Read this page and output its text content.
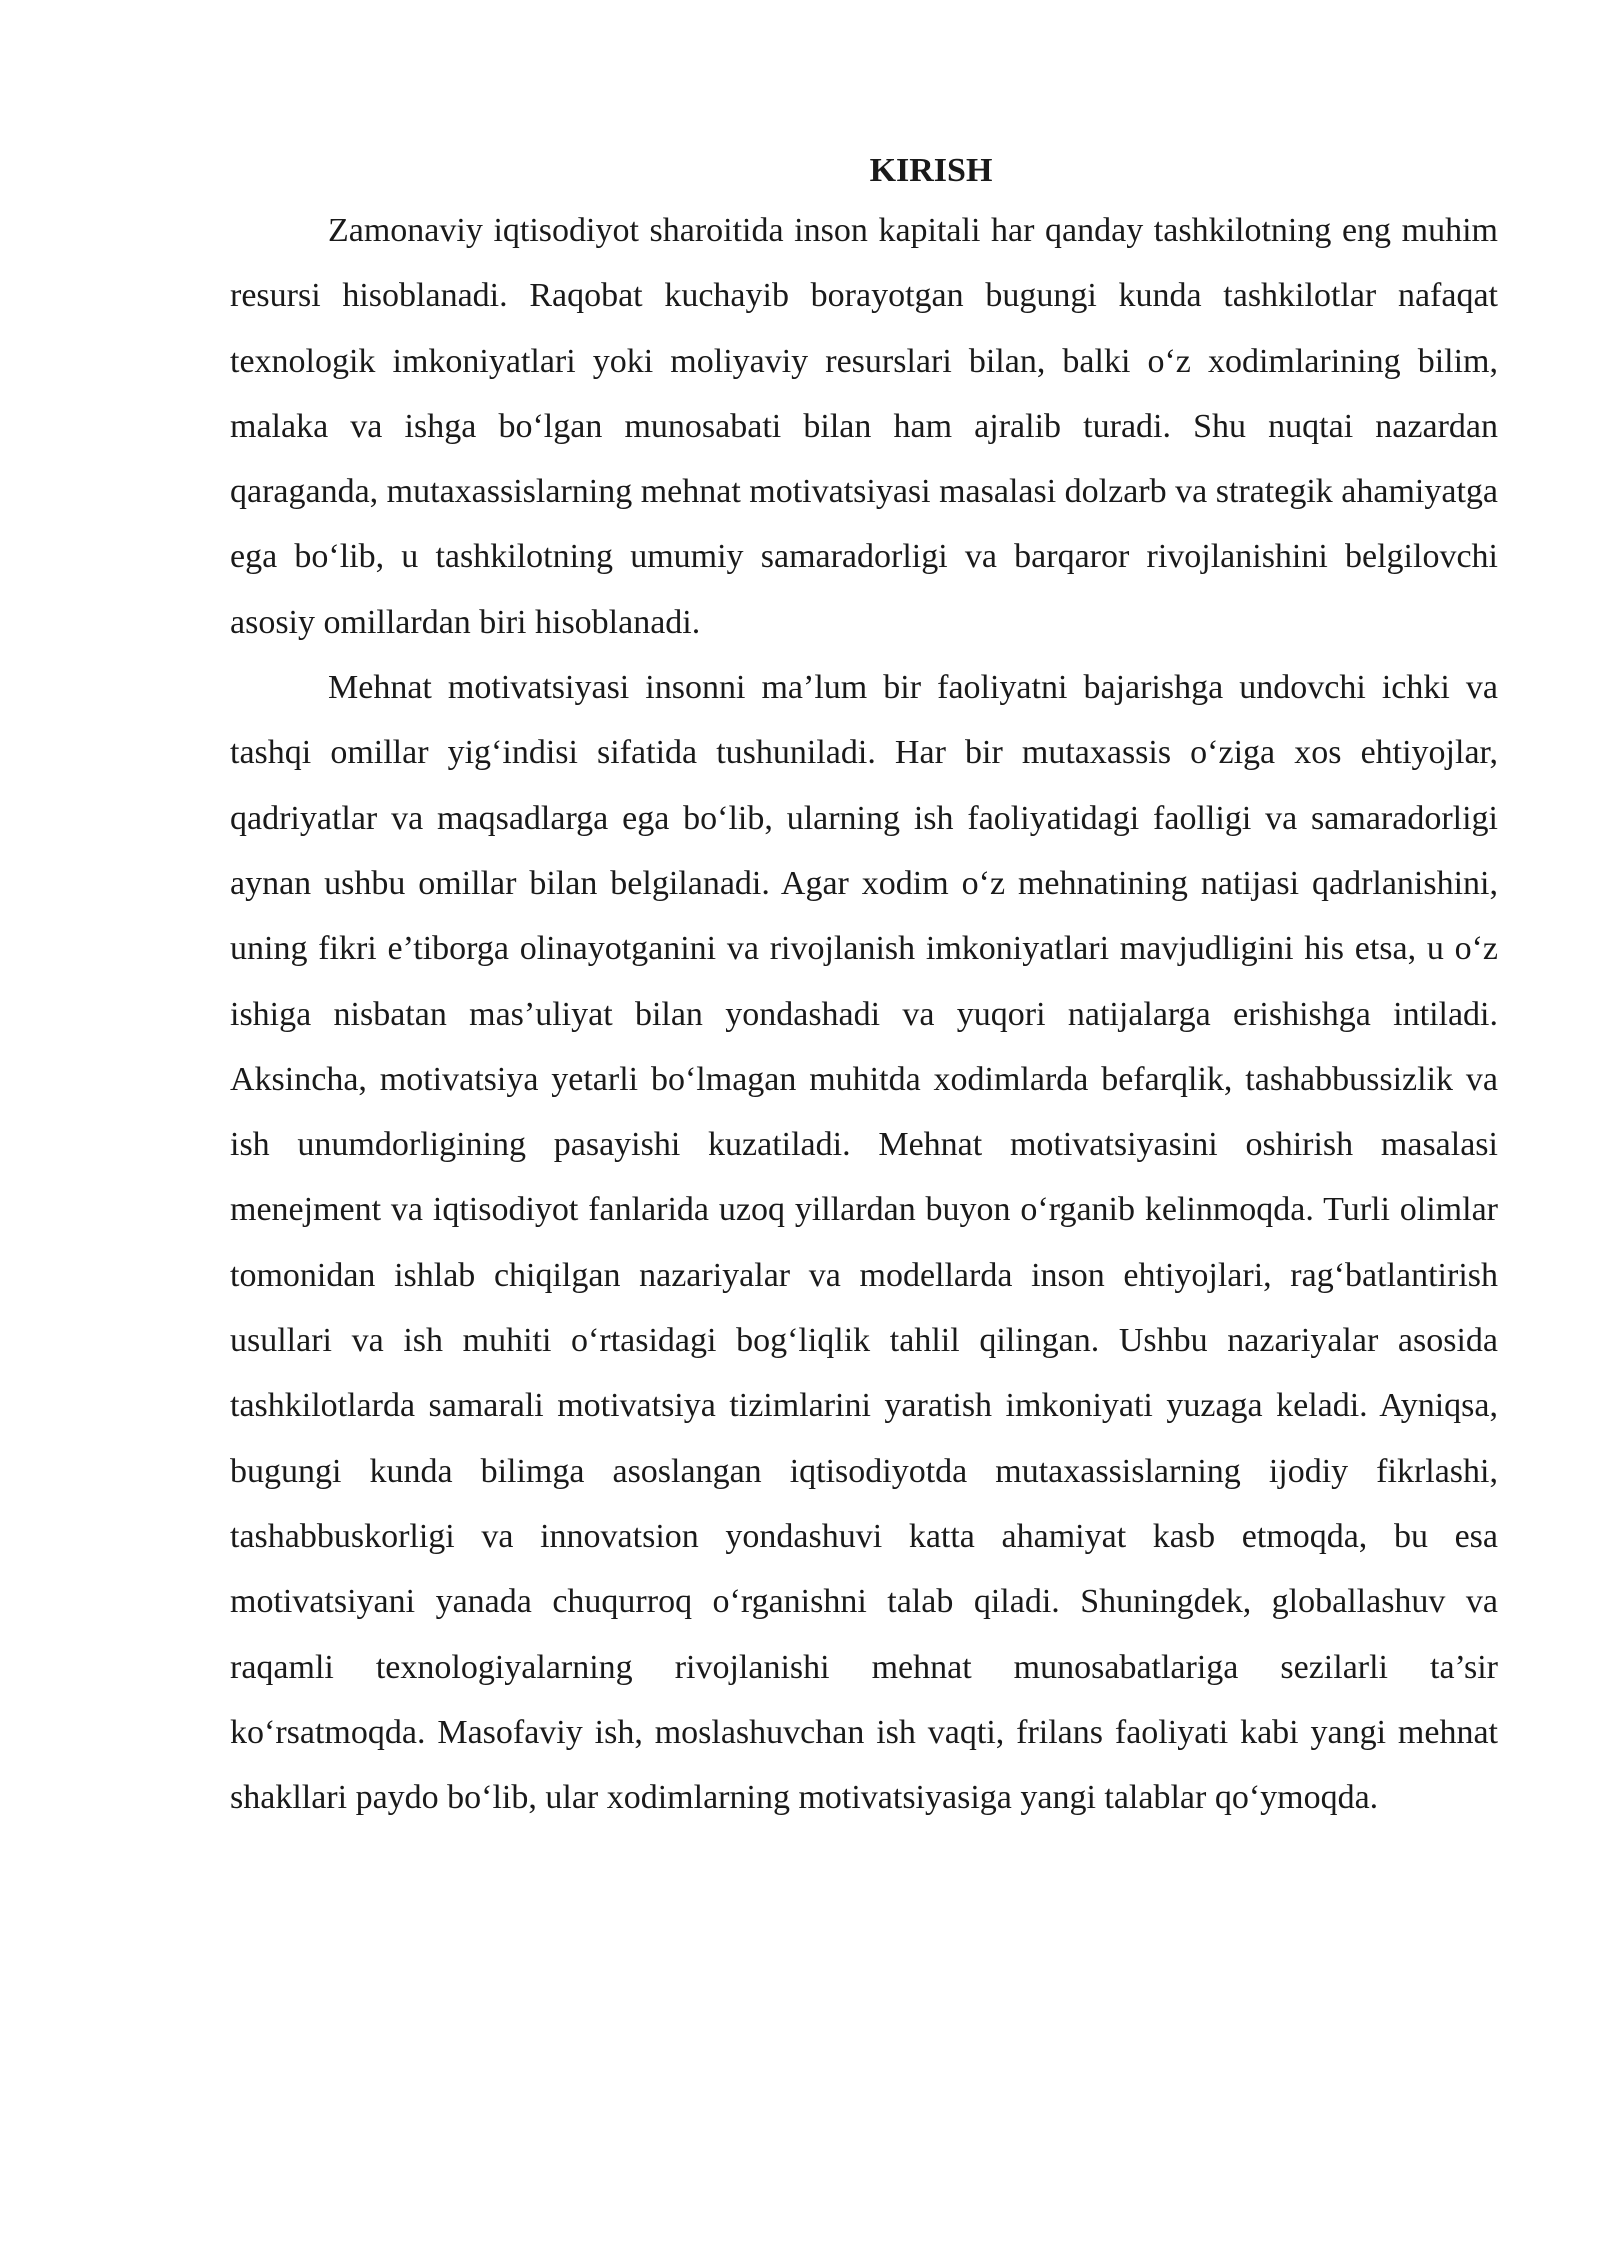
KIRISH

Zamonaviy iqtisodiyot sharoitida inson kapitali har qanday tashkilotning eng muhim resursi hisoblanadi. Raqobat kuchayib borayotgan bugungi kunda tashkilotlar nafaqat texnologik imkoniyatlari yoki moliyaviy resurslari bilan, balki o‘z xodimlarining bilim, malaka va ishga bo‘lgan munosabati bilan ham ajralib turadi. Shu nuqtai nazardan qaraganda, mutaxassislarning mehnat motivatsiyasi masalasi dolzarb va strategik ahamiyatga ega bo‘lib, u tashkilotning umumiy samaradorligi va barqaror rivojlanishini belgilovchi asosiy omillardan biri hisoblanadi.

Mehnat motivatsiyasi insonni ma’lum bir faoliyatni bajarishga undovchi ichki va tashqi omillar yig‘indisi sifatida tushuniladi. Har bir mutaxassis o‘ziga xos ehtiyojlar, qadriyatlar va maqsadlarga ega bo‘lib, ularning ish faoliyatidagi faolligi va samaradorligi aynan ushbu omillar bilan belgilanadi. Agar xodim o‘z mehnatining natijasi qadrlanishini, uning fikri e’tiborga olinayotganini va rivojlanish imkoniyatlari mavjudligini his etsa, u o‘z ishiga nisbatan mas’uliyat bilan yondashadi va yuqori natijalarga erishishga intiladi. Aksincha, motivatsiya yetarli bo‘lmagan muhitda xodimlarda befarqlik, tashabbussizlik va ish unumdorligining pasayishi kuzatiladi. Mehnat motivatsiyasini oshirish masalasi menejment va iqtisodiyot fanlarida uzoq yillardan buyon o‘rganib kelinmoqda. Turli olimlar tomonidan ishlab chiqilgan nazariyalar va modellarda inson ehtiyojlari, rag‘batlantirish usullari va ish muhiti o‘rtasidagi bog‘liqlik tahlil qilingan. Ushbu nazariyalar asosida tashkilotlarda samarali motivatsiya tizimlarini yaratish imkoniyati yuzaga keladi. Ayniqsa, bugungi kunda bilimga asoslangan iqtisodiyotda mutaxassislarning ijodiy fikrlashi, tashabbuskorligi va innovatsion yondashuvi katta ahamiyat kasb etmoqda, bu esa motivatsiyani yanada chuqurroq o‘rganishni talab qiladi. Shuningdek, globallashuv va raqamli texnologiyalarning rivojlanishi mehnat munosabatlariga sezilarli ta’sir ko‘rsatmoqda. Masofaviy ish, moslashuvchan ish vaqti, frilans faoliyati kabi yangi mehnat shakllari paydo bo‘lib, ular xodimlarning motivatsiyasiga yangi talablar qo‘ymoqda.
